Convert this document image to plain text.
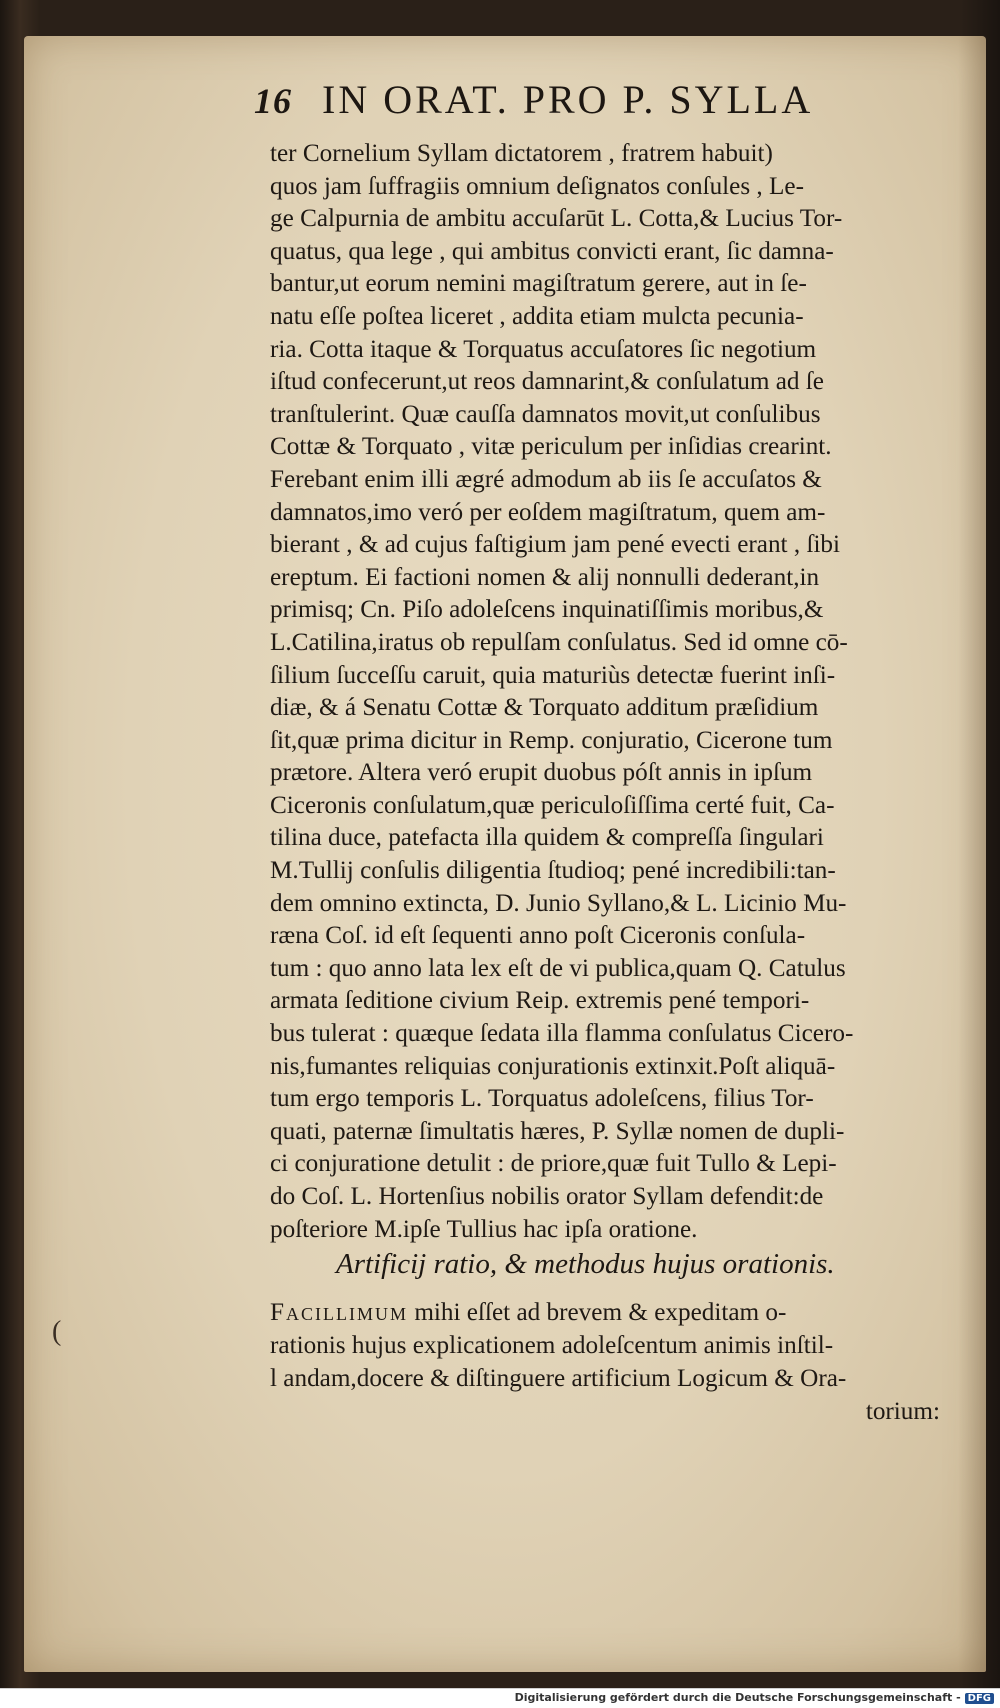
16 IN ORAT. PRO P. SYLLA
ter Cornelium Syllam dictatorem , fratrem habuit)
quos jam ſuffragiis omnium deſignatos conſules , Le-
ge Calpurnia de ambitu accuſarūt L. Cotta,& Lucius Tor-
quatus, qua lege , qui ambitus convicti erant, ſic damna-
bantur,ut eorum nemini magiſtratum gerere, aut in ſe-
natu eſſe poſtea liceret , addita etiam mulcta pecunia-
ria. Cotta itaque & Torquatus accuſatores ſic negotium
iſtud confecerunt,ut reos damnarint,& conſulatum ad ſe
tranſtulerint. Quæ cauſſa damnatos movit,ut conſulibus
Cottæ & Torquato , vitæ periculum per inſidias crearint.
Ferebant enim illi ægré admodum ab iis ſe accuſatos &
damnatos,imo veró per eoſdem magiſtratum, quem am-
bierant , & ad cujus faſtigium jam pené evecti erant , ſibi
ereptum. Ei factioni nomen & alij nonnulli dederant,in
primisq; Cn. Piſo adoleſcens inquinatiſſimis moribus,&
L.Catilina,iratus ob repulſam conſulatus. Sed id omne cō-
ſilium ſucceſſu caruit, quia maturiùs detectæ fuerint inſi-
diæ, & á Senatu Cottæ & Torquato additum præſidium
ſit,quæ prima dicitur in Remp. conjuratio, Cicerone tum
prætore. Altera veró erupit duobus póſt annis in ipſum
Ciceronis conſulatum,quæ periculoſiſſima certé fuit, Ca-
tilina duce, patefacta illa quidem & compreſſa ſingulari
M.Tullij conſulis diligentia ſtudioq; pené incredibili:tan-
dem omnino extincta, D. Junio Syllano,& L. Licinio Mu-
ræna Coſ. id eſt ſequenti anno poſt Ciceronis conſula-
tum : quo anno lata lex eſt de vi publica,quam Q. Catulus
armata ſeditione civium Reip. extremis pené tempori-
bus tulerat : quæque ſedata illa flamma conſulatus Cicero-
nis,fumantes reliquias conjurationis extinxit.Poſt aliquā-
tum ergo temporis L. Torquatus adoleſcens, filius Tor-
quati, paternæ ſimultatis hæres, P. Syllæ nomen de dupli-
ci conjuratione detulit : de priore,quæ fuit Tullo & Lepi-
do Coſ. L. Hortenſius nobilis orator Syllam defendit:de
poſteriore M.ipſe Tullius hac ipſa oratione.
Artificij ratio, & methodus hujus orationis.
Facillimum mihi eſſet ad brevem & expeditam o-
rationis hujus explicationem adoleſcentum animis inſtil-
l andam,docere & diſtinguere artificium Logicum & Ora-
torium:
(
Digitalisierung gefördert durch die Deutsche Forschungsgemeinschaft - DFG
